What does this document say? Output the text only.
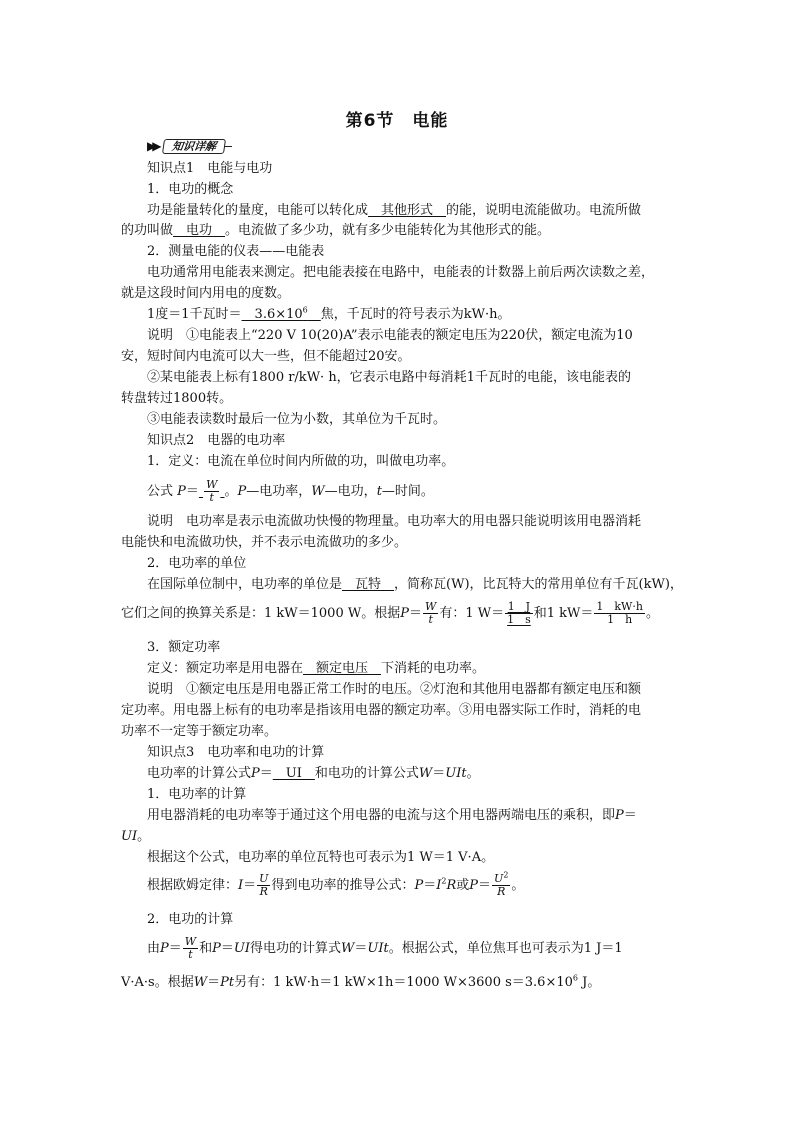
第6节　电能
▶▶	知识详解
知识点1　电能与电功
1．电功的概念
功是能量转化的量度，电能可以转化成　其他形式　的能，说明电流能做功。电流所做
的功叫做　电功　。电流做了多少功，就有多少电能转化为其他形式的能。
2．测量电能的仪表——电能表
电功通常用电能表来测定。把电能表接在电路中，电能表的计数器上前后两次读数之差，
就是这段时间内用电的度数。
1度＝1千瓦时＝　$3.6\times 10^6$　 焦，千瓦时的符号表示为kW·h。
说明　①电能表上“220 V 10(20)A”表示电能表的额定电压为220伏，额定电流为10
安，短时间内电流可以大一些，但不能超过20安。
②某电能表上标有1800 r/kW· h，它表示电路中每消耗1千瓦时的电能，该电能表的
转盘转过1800转。
③电能表读数时最后一位为小数，其单位为千瓦时。
知识点2　电器的电功率
1．定义：电流在单位时间内所做的功，叫做电功率。
公式 $P= \frac{W}{t}$ 。P—电功率，W—电功，t—时间。
说明　电功率是表示电流做功快慢的物理量。电功率大的用电器只能说明该用电器消耗
电能快和电流做功快，并不表示电流做功的多少。
2．电功率的单位
在国际单位制中，电功率的单位是　瓦特　，简称瓦(W)，比瓦特大的常用单位有千瓦(kW)，
它们之间的换算关系是：1 kW＝1000 W。根据$P= \frac{W}{t}$ 有：1 $W= \frac{1 J}{1 s}$ 和1 $kW= \frac{1 kW\cdot h}{1 h}$ 。
3．额定功率
定义：额定功率是用电器在　额定电压　下消耗的电功率。
说明　①额定电压是用电器正常工作时的电压。②灯泡和其他用电器都有额定电压和额
定功率。用电器上标有的电功率是指该用电器的额定功率。③用电器实际工作时，消耗的电
功率不一定等于额定功率。
知识点3　电功率和电功的计算
电功率的计算公式P＝　UI　和电功的计算公式W＝UIt。
1．电功率的计算
用电器消耗的电功率等于通过这个用电器的电流与这个用电器两端电压的乘积，即P＝
UI。
根据这个公式，电功率的单位瓦特也可表示为1 W＝1 V·A。
根据欧姆定律：$I= \frac{U}{R}$ 得到电功率的推导公式：$P=I^2R$或$P= \frac{U^2}{R}$ 。
2．电功的计算
由$P= \frac{W}{t}$ 和P＝UI得电功的计算式W＝UIt。根据公式，单位焦耳也可表示为1 J＝1
V·A·s。根据W＝Pt另有：1 kW·h＝1 kW×1h＝1000 W×3600 $s=3.6\times 10^6$ J。
